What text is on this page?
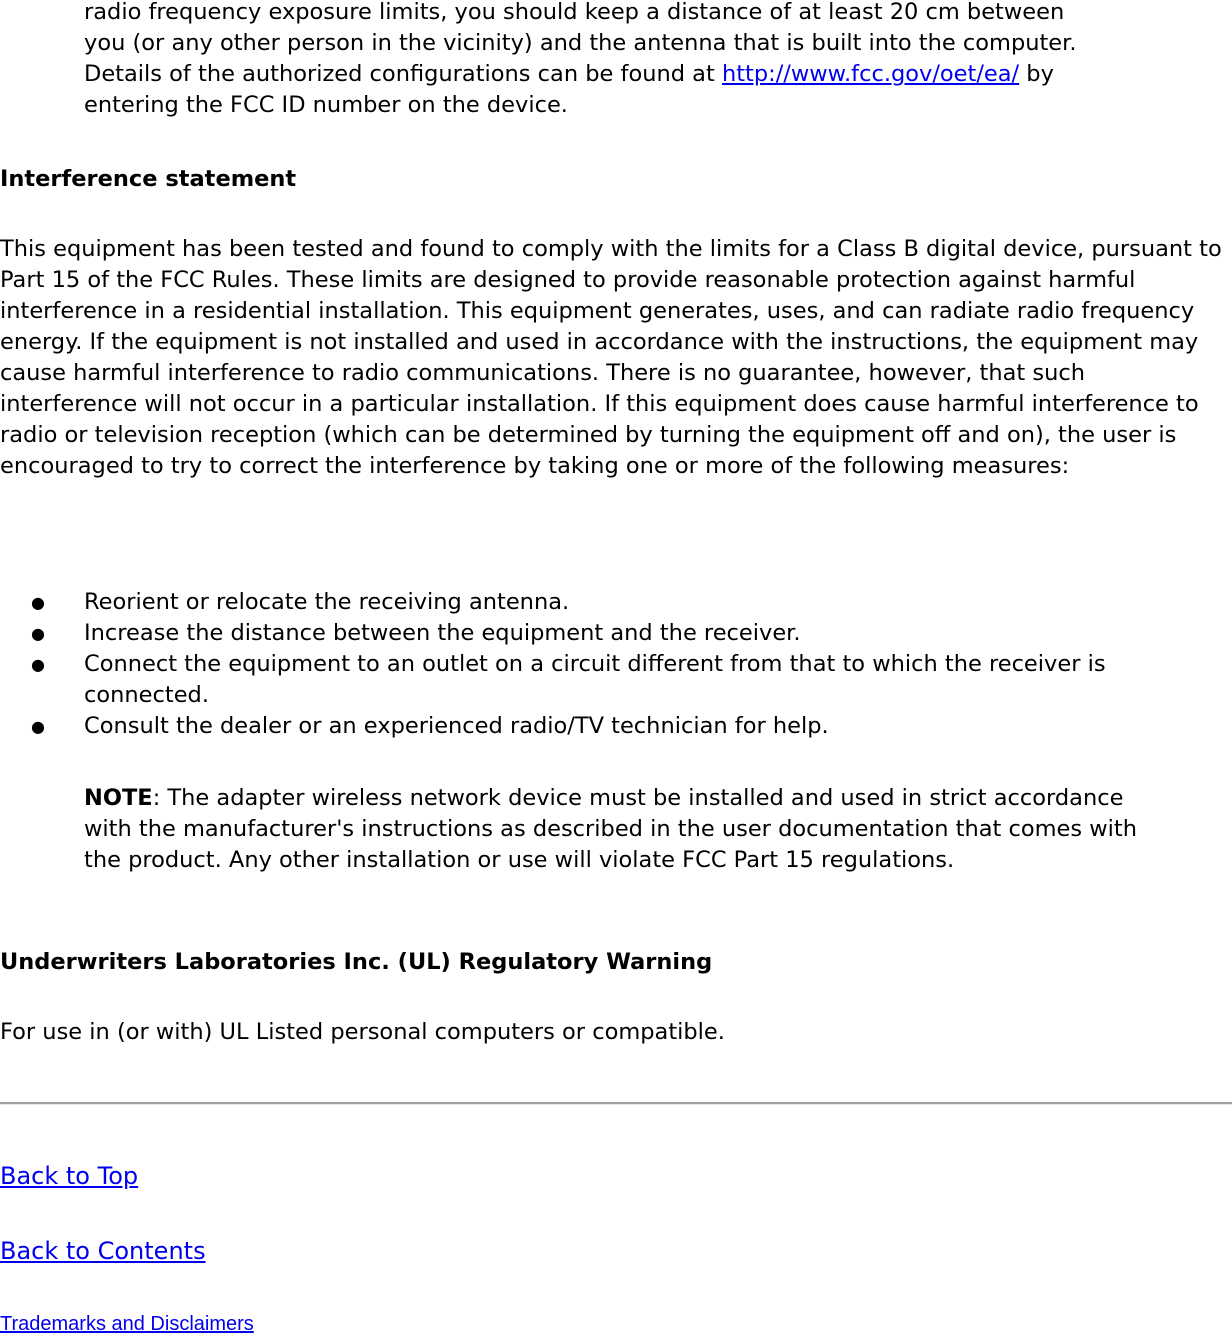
radio frequency exposure limits, you should keep a distance of at least 20 cm between you (or any other person in the vicinity) and the antenna that is built into the computer. Details of the authorized configurations can be found at http://www.fcc.gov/oet/ea/ by entering the FCC ID number on the device.

Interference statement

This equipment has been tested and found to comply with the limits for a Class B digital device, pursuant to Part 15 of the FCC Rules. These limits are designed to provide reasonable protection against harmful interference in a residential installation. This equipment generates, uses, and can radiate radio frequency energy. If the equipment is not installed and used in accordance with the instructions, the equipment may cause harmful interference to radio communications. There is no guarantee, however, that such interference will not occur in a particular installation. If this equipment does cause harmful interference to radio or television reception (which can be determined by turning the equipment off and on), the user is encouraged to try to correct the interference by taking one or more of the following measures:

● Reorient or relocate the receiving antenna.
● Increase the distance between the equipment and the receiver.
● Connect the equipment to an outlet on a circuit different from that to which the receiver is connected.
● Consult the dealer or an experienced radio/TV technician for help.

NOTE: The adapter wireless network device must be installed and used in strict accordance with the manufacturer's instructions as described in the user documentation that comes with the product. Any other installation or use will violate FCC Part 15 regulations.

Underwriters Laboratories Inc. (UL) Regulatory Warning

For use in (or with) UL Listed personal computers or compatible.

Back to Top
Back to Contents
Trademarks and Disclaimers
